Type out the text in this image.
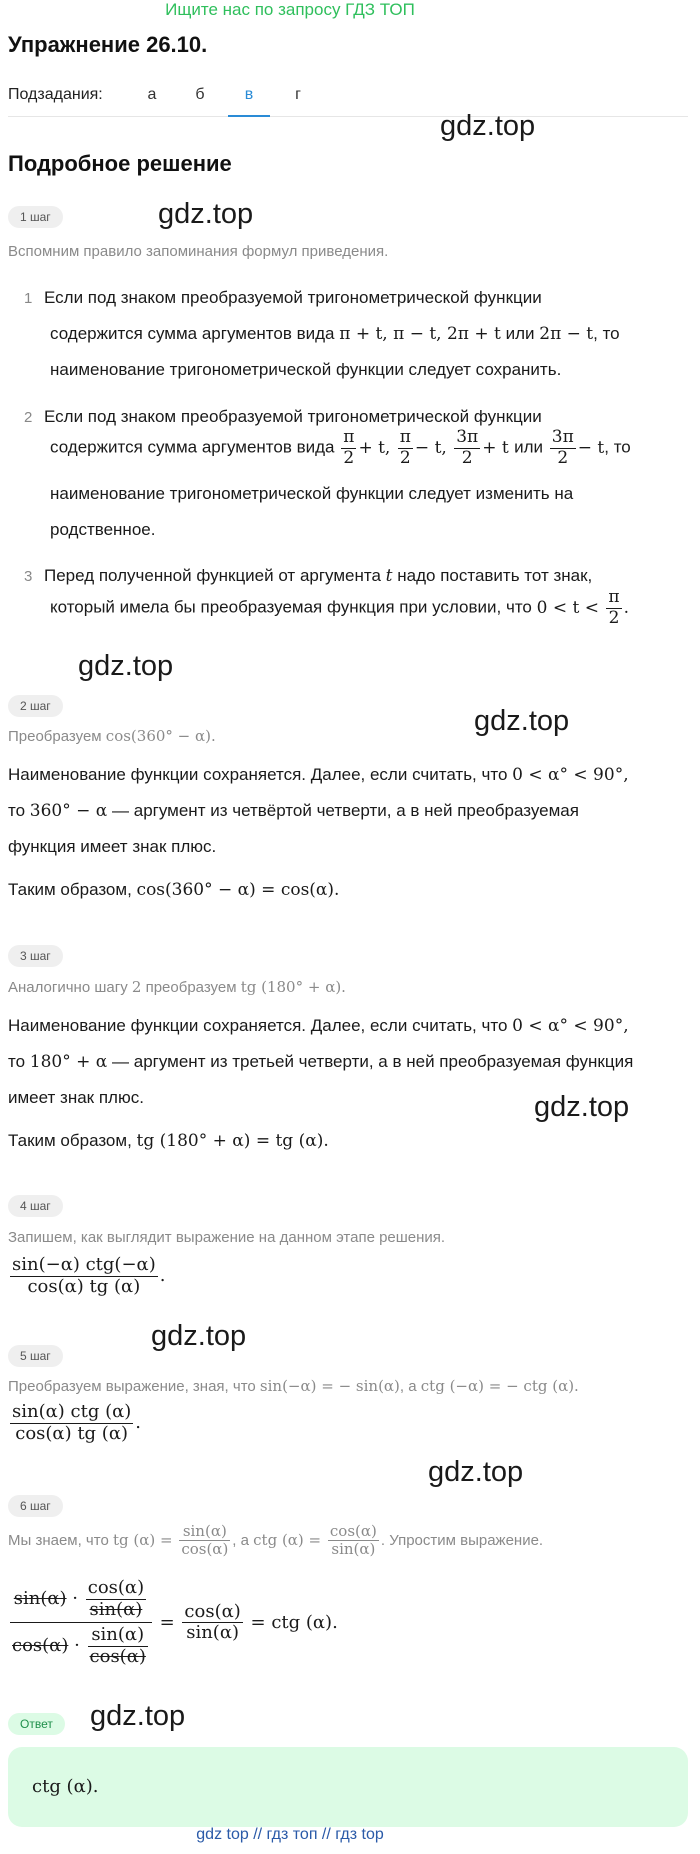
Ищите нас по запросу ГДЗ ТОП
Упражнение 26.10.
Подзадания:	а	б	в	г
Подробное решение
gdz.top
gdz.top
gdz.top
gdz.top
gdz.top
gdz.top
gdz.top
gdz.top
1 шаг
Вспомним правило запоминания формул приведения.
1 Если под знаком преобразуемой тригонометрической функции
содержится сумма аргументов вида π + t, π − t, 2π + t или 2π − t, то
наименование тригонометрической функции следует сохранить.
2 Если под знаком преобразуемой тригонометрической функции
содержится сумма аргументов вида $\frac{\pi}{2} + t$, $\frac{\pi}{2} - t$, $\frac{3\pi}{2} + t$ или $\frac{3\pi}{2} - t$, то
наименование тригонометрической функции следует изменить на
родственное.
3 Перед полученной функцией от аргумента t надо поставить тот знак,
который имела бы преобразуемая функция при условии, что $0 < t < \frac{\pi}{2}$ .
2 шаг
Преобразуем cos(360° − α).
Наименование функции сохраняется. Далее, если считать, что 0 < α° < 90°,
то 360° − α — аргумент из четвёртой четверти, а в ней преобразуемая
функция имеет знак плюс.
Таким образом, cos(360° − α) = cos(α).
3 шаг
Аналогично шагу 2 преобразуем tg (180° + α).
Наименование функции сохраняется. Далее, если считать, что 0 < α° < 90°,
то 180° + α — аргумент из третьей четверти, а в ней преобразуемая функция
имеет знак плюс.
Таким образом, tg (180° + α) = tg (α).
4 шаг
Запишем, как выглядит выражение на данном этапе решения.
$\frac{\text{sin(−α) ctg(−α)}}{\cos(\alpha) tg (\alpha)}$ .
5 шаг
Преобразуем выражение, зная, что sin(−α) = − sin(α), а ctg (−α) = − ctg (α).
$\frac{\text{sin(α) ctg (α)}}{\cos(\alpha) tg (\alpha)}$ .
6 шаг
Мы знаем, что tg $(\alpha) = \frac{\sin(\alpha)}{\cos(\alpha)}$ , а ctg $(\alpha) = \frac{\cos(\alpha)}{\sin(\alpha)}$ . Упростим выражение.
$\frac{\sin(\alpha) \cdot \frac{\cos(\alpha)}{\sin(\alpha)}}{\cos(\alpha) \cdot \frac{\sin(\alpha)}{\cos(\alpha)}} = \frac{\cos(\alpha)}{\sin(\alpha)}$ = ctg (α).
Ответ
ctg (α).
gdz top // гдз топ // гдз top
